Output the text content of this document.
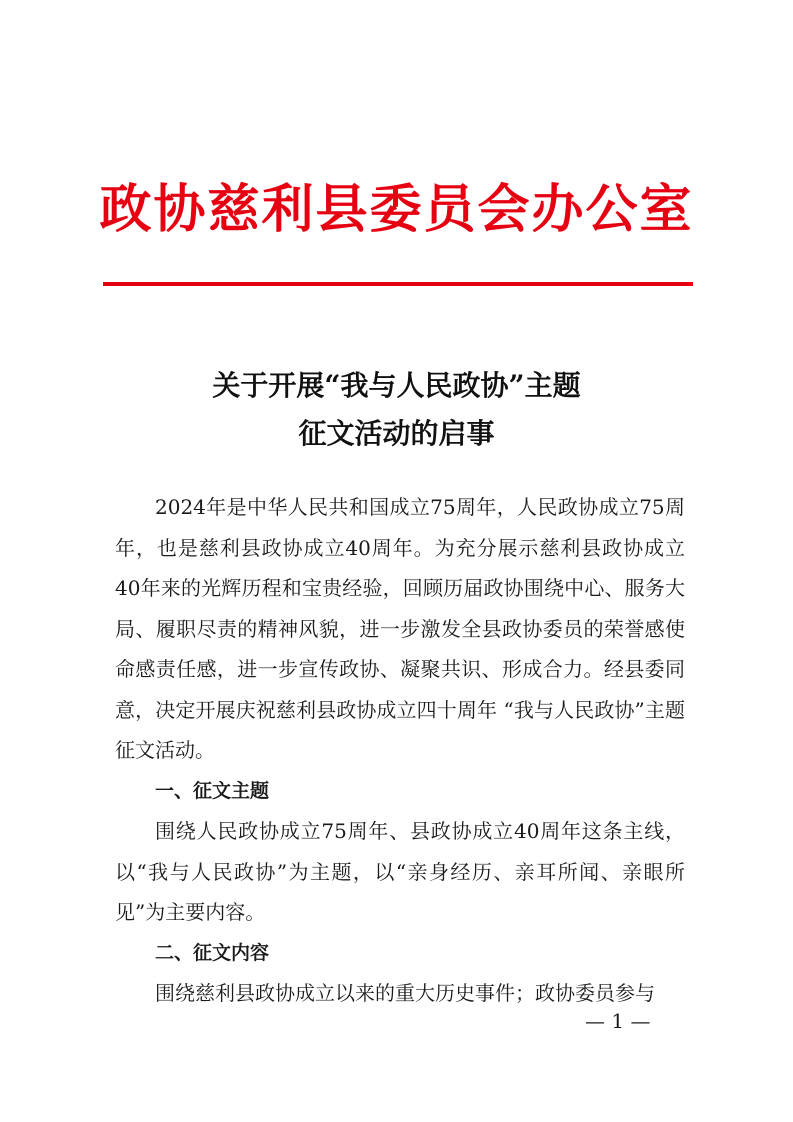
政协慈利县委员会办公室
关于开展“我与人民政协”主题
征文活动的启事

2024年是中华人民共和国成立75周年，人民政协成立75周年，也是慈利县政协成立40周年。为充分展示慈利县政协成立40年来的光辉历程和宝贵经验，回顾历届政协围绕中心、服务大局、履职尽责的精神风貌，进一步激发全县政协委员的荣誉感使命感责任感，进一步宣传政协、凝聚共识、形成合力。经县委同意，决定开展庆祝慈利县政协成立四十周年 “我与人民政协”主题征文活动。

一、征文主题

围绕人民政协成立75周年、县政协成立40周年这条主线，以“我与人民政协”为主题，以“亲身经历、亲耳所闻、亲眼所见”为主要内容。

二、征文内容

围绕慈利县政协成立以来的重大历史事件；政协委员参与

— 1 —
